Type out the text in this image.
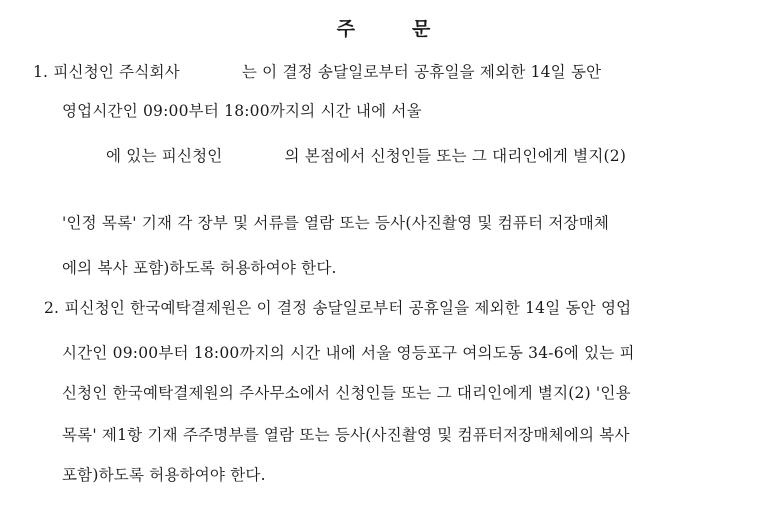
주	문
1. 피신청인 주식회사	는 이 결정 송달일로부터 공휴일을 제외한 14일 동안
영업시간인 09:00부터 18:00까지의 시간 내에 서울
에 있는 피신청인	의 본점에서 신청인들 또는 그 대리인에게 별지(2)
'인정 목록' 기재 각 장부 및 서류를 열람 또는 등사(사진촬영 및 컴퓨터 저장매체
에의 복사 포함)하도록 허용하여야 한다.
2. 피신청인 한국예탁결제원은 이 결정 송달일로부터 공휴일을 제외한 14일 동안 영업
시간인 09:00부터 18:00까지의 시간 내에 서울 영등포구 여의도동 34-6에 있는 피
신청인 한국예탁결제원의 주사무소에서 신청인들 또는 그 대리인에게 별지(2) '인용
목록' 제1항 기재 주주명부를 열람 또는 등사(사진촬영 및 컴퓨터저장매체에의 복사
포함)하도록 허용하여야 한다.
